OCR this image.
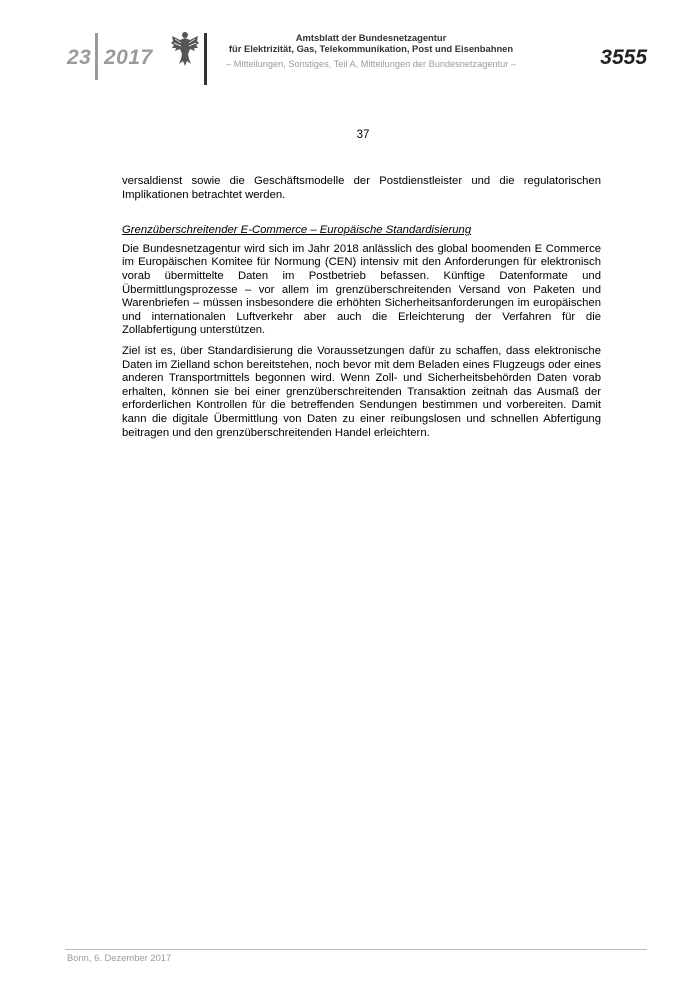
23 2017
Amtsblatt der Bundesnetzagentur
für Elektrizität, Gas, Telekommunikation, Post und Eisenbahnen
– Mitteilungen, Sonstiges, Teil A, Mitteilungen der Bundesnetzagentur –	3555
37

versaldienst sowie die Geschäftsmodelle der Postdienstleister und die regulatorischen Implikationen betrachtet werden.

Grenzüberschreitender E-Commerce – Europäische Standardisierung

Die Bundesnetzagentur wird sich im Jahr 2018 anlässlich des global boomenden E Commerce im Europäischen Komitee für Normung (CEN) intensiv mit den Anforderungen für elektronisch vorab übermittelte Daten im Postbetrieb befassen. Künftige Datenformate und Übermittlungsprozesse – vor allem im grenzüberschreitenden Versand von Paketen und Warenbriefen – müssen insbesondere die erhöhten Sicherheitsanforderungen im europäischen und internationalen Luftverkehr aber auch die Erleichterung der Verfahren für die Zollabfertigung unterstützen.

Ziel ist es, über Standardisierung die Voraussetzungen dafür zu schaffen, dass elektronische Daten im Zielland schon bereitstehen, noch bevor mit dem Beladen eines Flugzeugs oder eines anderen Transportmittels begonnen wird. Wenn Zoll- und Sicherheitsbehörden Daten vorab erhalten, können sie bei einer grenzüberschreitenden Transaktion zeitnah das Ausmaß der erforderlichen Kontrollen für die betreffenden Sendungen bestimmen und vorbereiten. Damit kann die digitale Übermittlung von Daten zu einer reibungslosen und schnellen Abfertigung beitragen und den grenzüberschreitenden Handel erleichtern.

Bonn, 6. Dezember 2017
